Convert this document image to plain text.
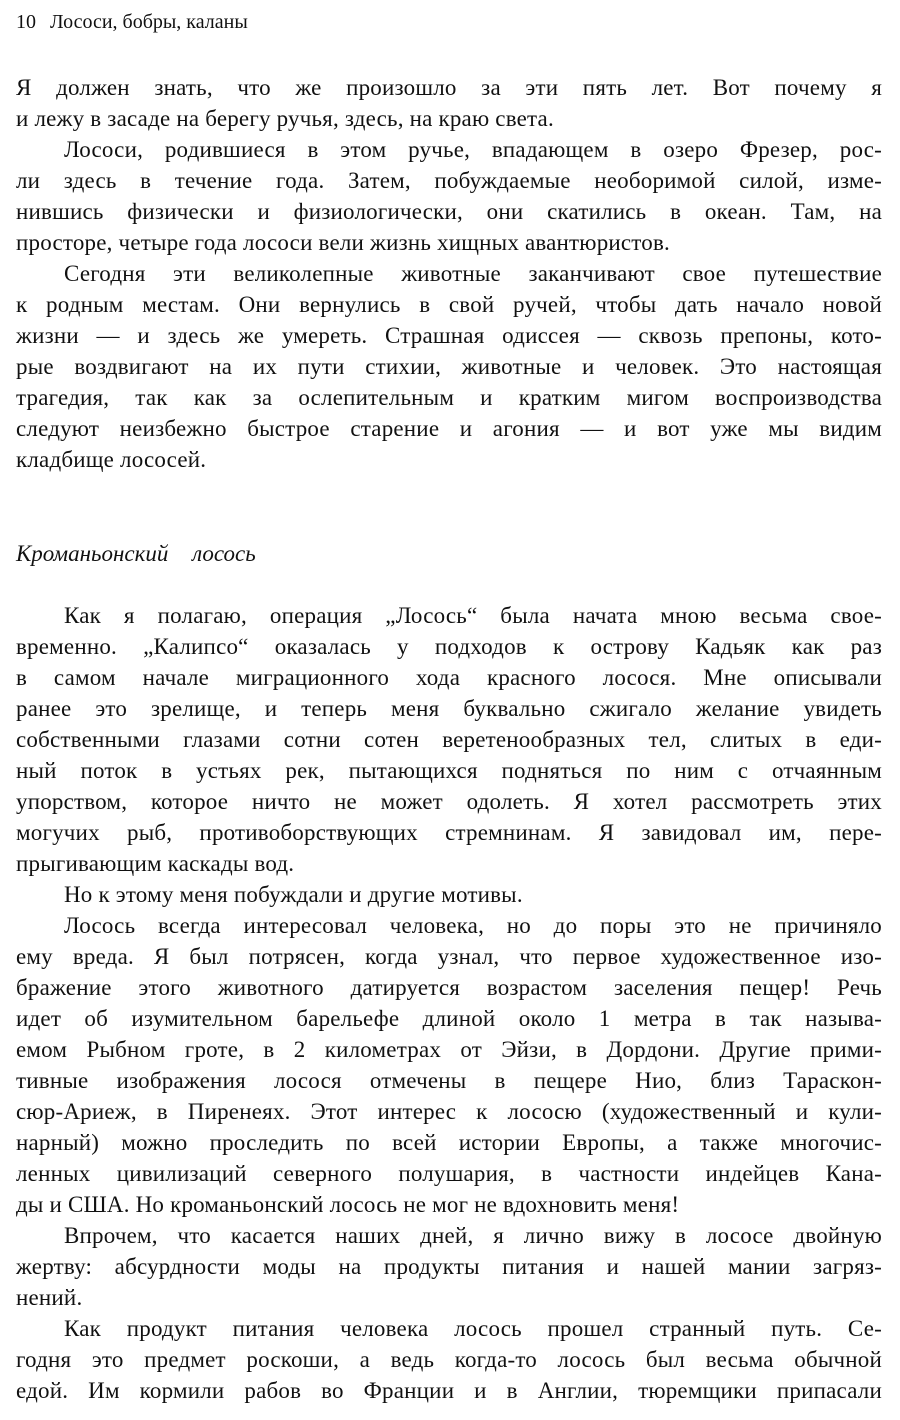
10 Лососи, бобры, каланы
Я должен знать, что же произошло за эти пять лет. Вот почему я
и лежу в засаде на берегу ручья, здесь, на краю света.
Лососи, родившиеся в этом ручье, впадающем в озеро Фрезер, рос-
ли здесь в течение года. Затем, побуждаемые необоримой силой, изме-
нившись физически и физиологически, они скатились в океан. Там, на
просторе, четыре года лососи вели жизнь хищных авантюристов.
Сегодня эти великолепные животные заканчивают свое путешествие
к родным местам. Они вернулись в свой ручей, чтобы дать начало новой
жизни — и здесь же умереть. Страшная одиссея — сквозь препоны, кото-
рые воздвигают на их пути стихии, животные и человек. Это настоящая
трагедия, так как за ослепительным и кратким мигом воспроизводства
следуют неизбежно быстрое старение и агония — и вот уже мы видим
кладбище лососей.
Кроманьонский лосось
Как я полагаю, операция „Лосось“ была начата мною весьма свое-
временно. „Калипсо“ оказалась у подходов к острову Кадьяк как раз
в самом начале миграционного хода красного лосося. Мне описывали
ранее это зрелище, и теперь меня буквально сжигало желание увидеть
собственными глазами сотни сотен веретенообразных тел, слитых в еди-
ный поток в устьях рек, пытающихся подняться по ним с отчаянным
упорством, которое ничто не может одолеть. Я хотел рассмотреть этих
могучих рыб, противоборствующих стремнинам. Я завидовал им, пере-
прыгивающим каскады вод.
Но к этому меня побуждали и другие мотивы.
Лосось всегда интересовал человека, но до поры это не причиняло
ему вреда. Я был потрясен, когда узнал, что первое художественное изо-
бражение этого животного датируется возрастом заселения пещер! Речь
идет об изумительном барельефе длиной около 1 метра в так называ-
емом Рыбном гроте, в 2 километрах от Эйзи, в Дордони. Другие прими-
тивные изображения лосося отмечены в пещере Нио, близ Тараскон-
сюр-Ариеж, в Пиренеях. Этот интерес к лососю (художественный и кули-
нарный) можно проследить по всей истории Европы, а также многочис-
ленных цивилизаций северного полушария, в частности индейцев Кана-
ды и США. Но кроманьонский лосось не мог не вдохновить меня!
Впрочем, что касается наших дней, я лично вижу в лососе двойную
жертву: абсурдности моды на продукты питания и нашей мании загряз-
нений.
Как продукт питания человека лосось прошел странный путь. Се-
годня это предмет роскоши, а ведь когда-то лосось был весьма обычной
едой. Им кормили рабов во Франции и в Англии, тюремщики припасали
